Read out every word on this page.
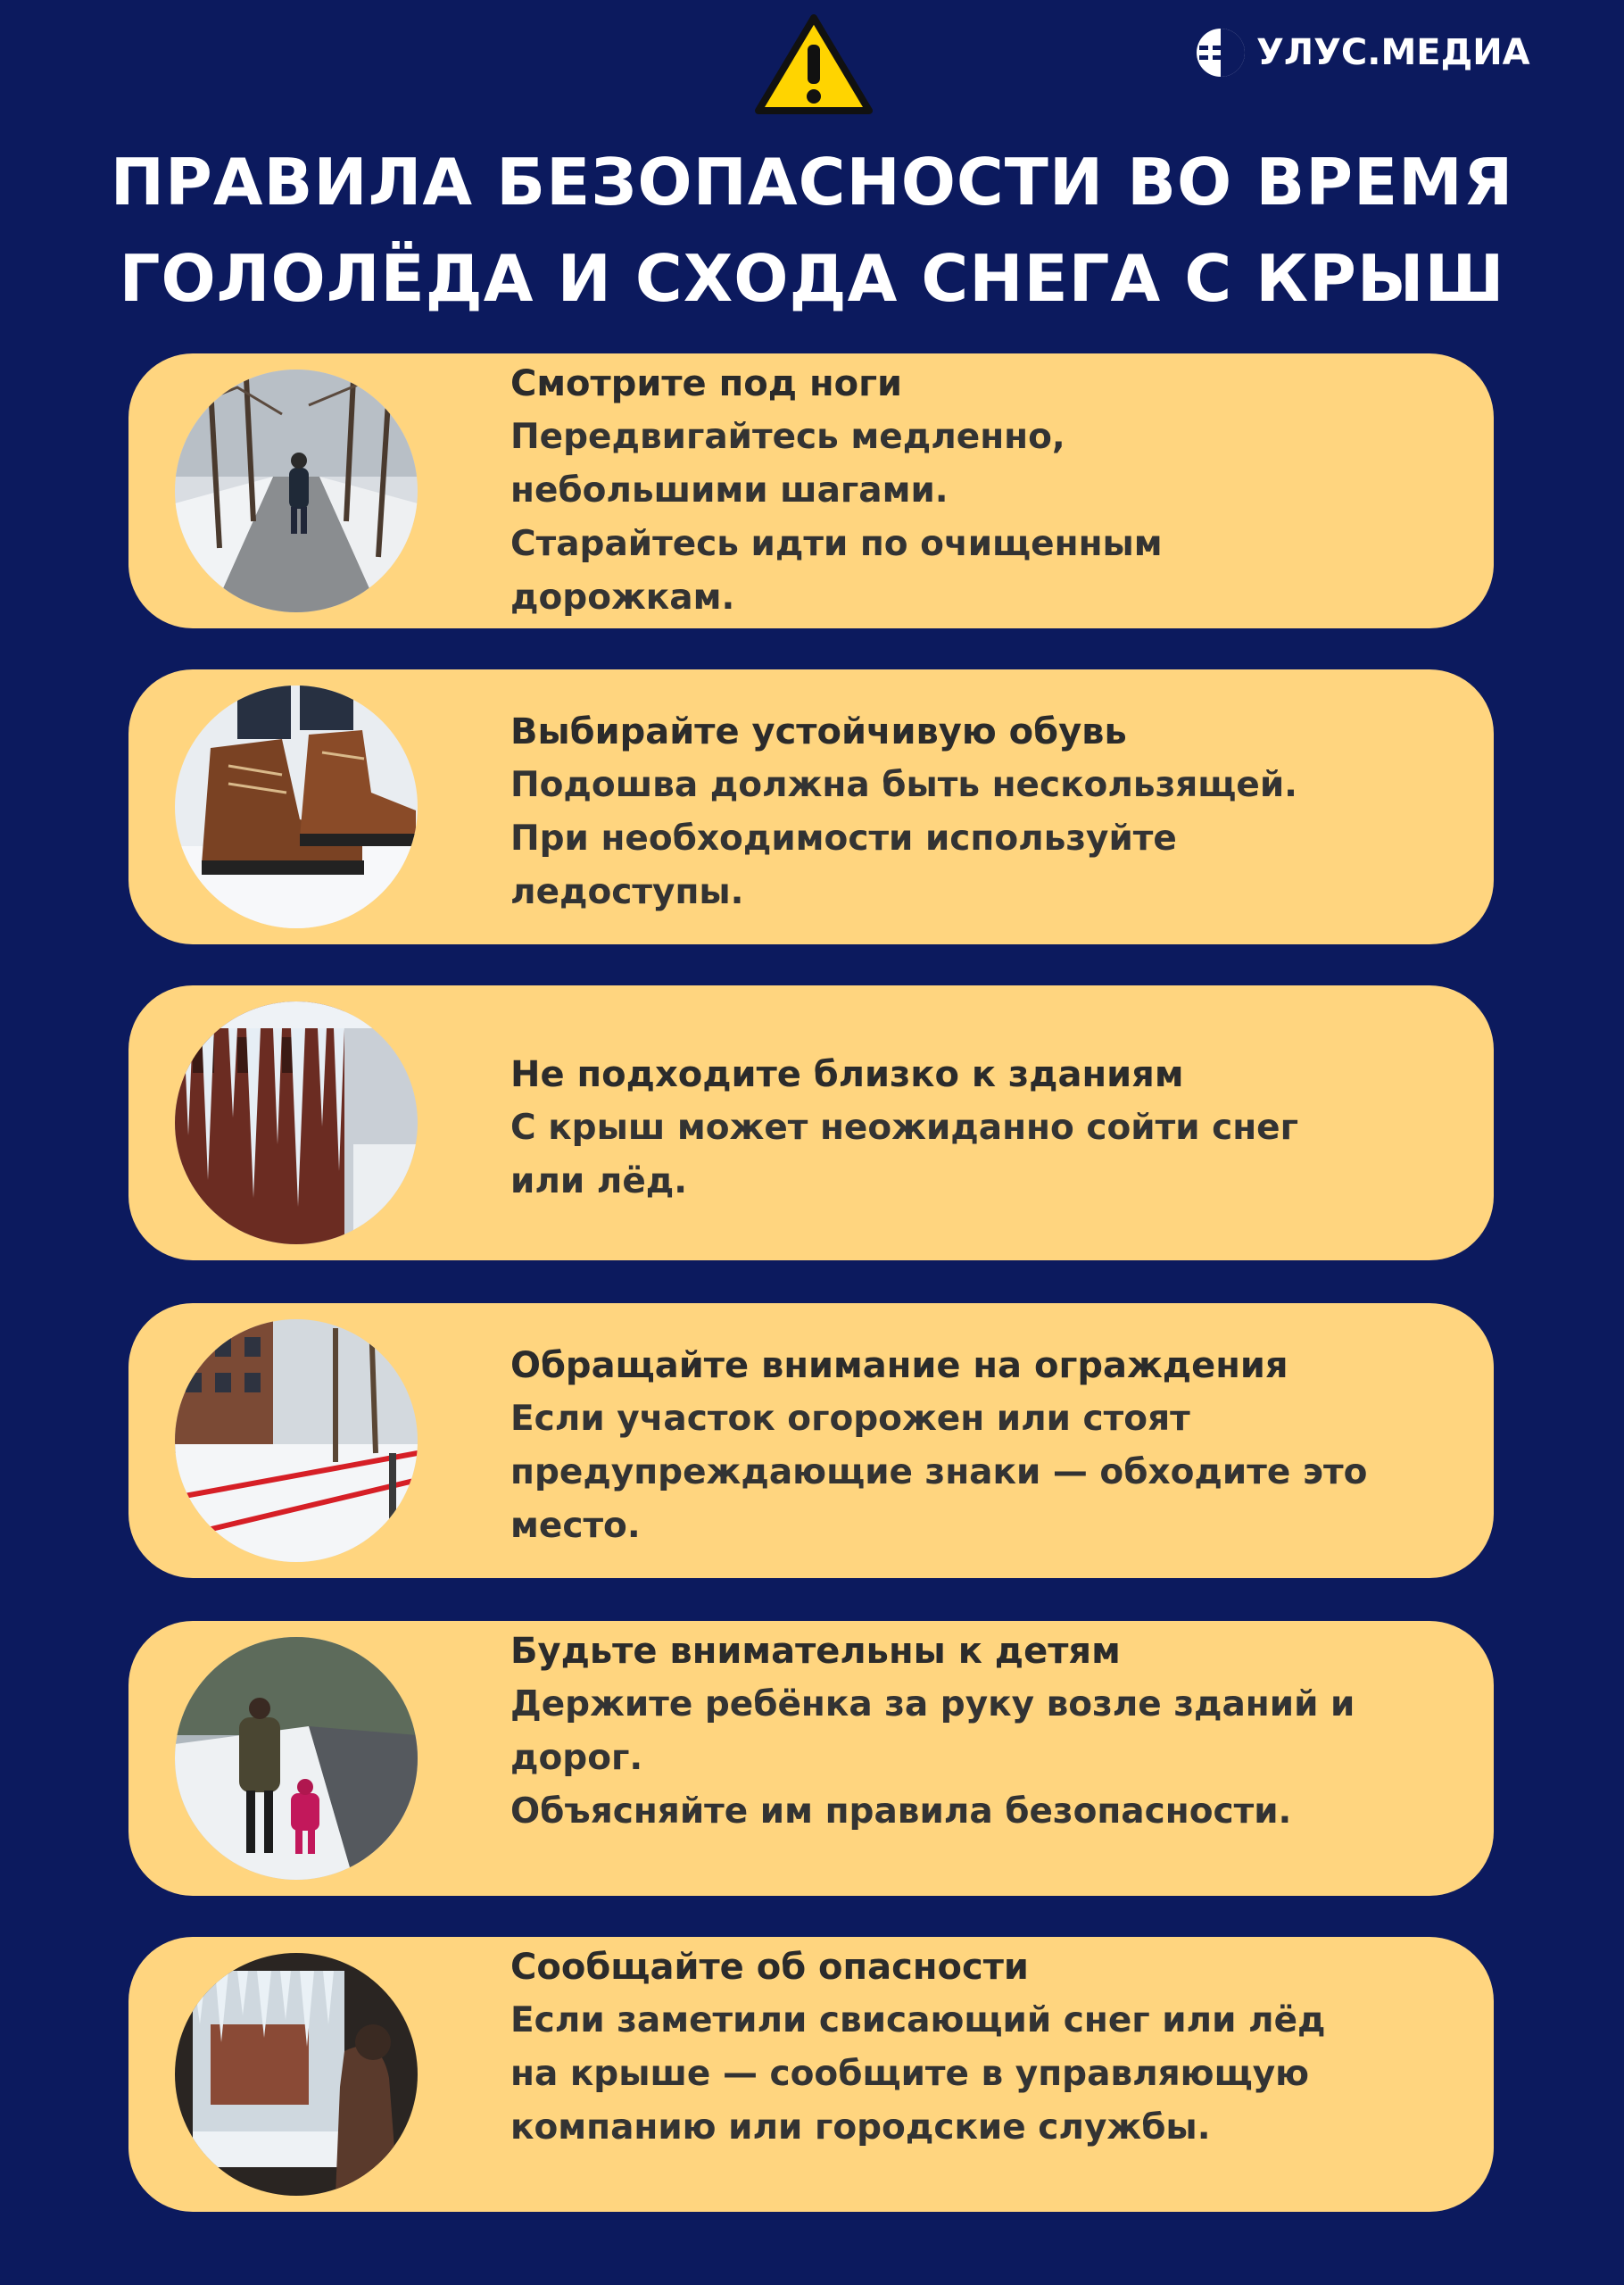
УЛУС.МЕДИА
ПРАВИЛА БЕЗОПАСНОСТИ ВО ВРЕМЯ
ГОЛОЛЁДА И СХОДА СНЕГА С КРЫШ
Смотрите под ноги
Передвигайтесь медленно,
небольшими шагами.
Старайтесь идти по очищенным
дорожкам.
Выбирайте устойчивую обувь
Подошва должна быть нескользящей.
При необходимости используйте
ледоступы.
Не подходите близко к зданиям
С крыш может неожиданно сойти снег
или лёд.
Обращайте внимание на ограждения
Если участок огорожен или стоят
предупреждающие знаки — обходите это
место.
Будьте внимательны к детям
Держите ребёнка за руку возле зданий и
дорог.
Объясняйте им правила безопасности.
Сообщайте об опасности
Если заметили свисающий снег или лёд
на крыше — сообщите в управляющую
компанию или городские службы.
